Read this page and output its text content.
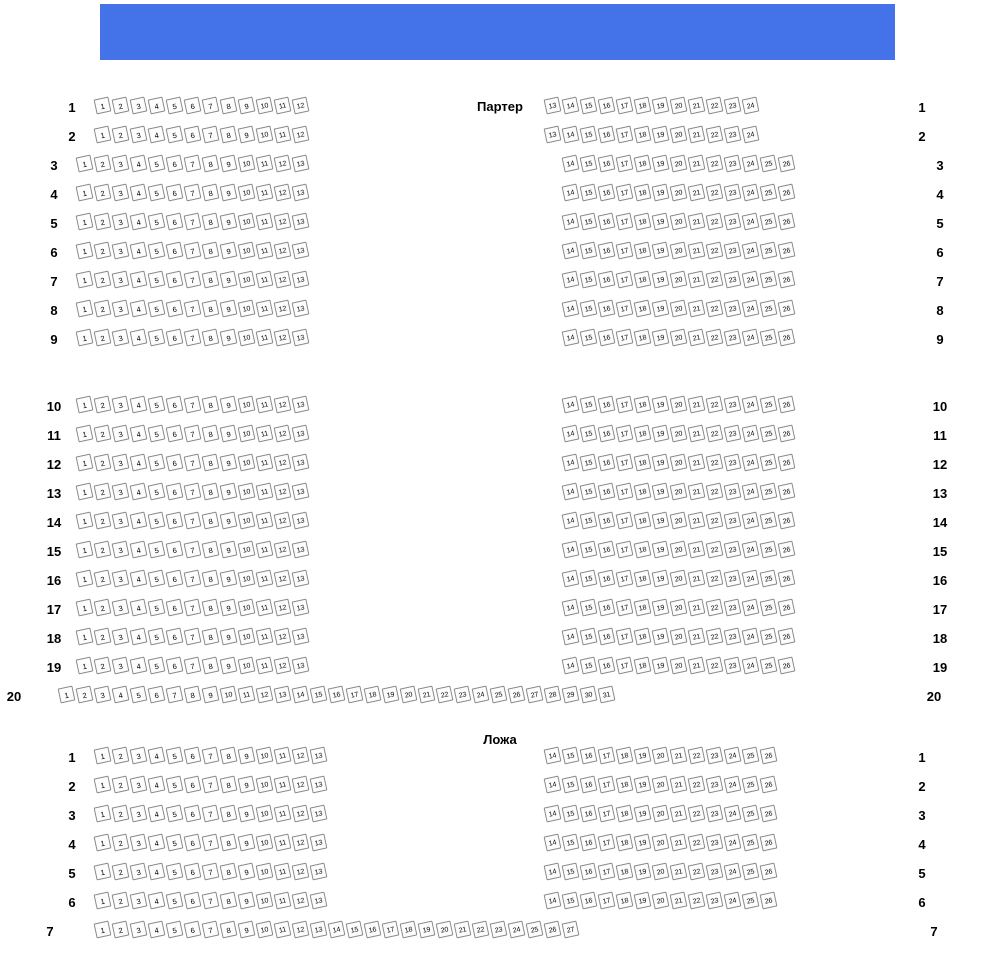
Партер
Ложа
1	1 2 3 4 5 6 7 8 9 10 11 12	13 14 15 16 17 18 19 20 21 22 23 24	1
2	1 2 3 4 5 6 7 8 9 10 11 12	13 14 15 16 17 18 19 20 21 22 23 24	2
3	1 2 3 4 5 6 7 8 9 10 11 12 13	14 15 16 17 18 19 20 21 22 23 24 25 26	3
4	1 2 3 4 5 6 7 8 9 10 11 12 13	14 15 16 17 18 19 20 21 22 23 24 25 26	4
5	1 2 3 4 5 6 7 8 9 10 11 12 13	14 15 16 17 18 19 20 21 22 23 24 25 26	5
6	1 2 3 4 5 6 7 8 9 10 11 12 13	14 15 16 17 18 19 20 21 22 23 24 25 26	6
7	1 2 3 4 5 6 7 8 9 10 11 12 13	14 15 16 17 18 19 20 21 22 23 24 25 26	7
8	1 2 3 4 5 6 7 8 9 10 11 12 13	14 15 16 17 18 19 20 21 22 23 24 25 26	8
9	1 2 3 4 5 6 7 8 9 10 11 12 13	14 15 16 17 18 19 20 21 22 23 24 25 26	9
10	1 2 3 4 5 6 7 8 9 10 11 12 13	14 15 16 17 18 19 20 21 22 23 24 25 26	10
11	1 2 3 4 5 6 7 8 9 10 11 12 13	14 15 16 17 18 19 20 21 22 23 24 25 26	11
12	1 2 3 4 5 6 7 8 9 10 11 12 13	14 15 16 17 18 19 20 21 22 23 24 25 26	12
13	1 2 3 4 5 6 7 8 9 10 11 12 13	14 15 16 17 18 19 20 21 22 23 24 25 26	13
14	1 2 3 4 5 6 7 8 9 10 11 12 13	14 15 16 17 18 19 20 21 22 23 24 25 26	14
15	1 2 3 4 5 6 7 8 9 10 11 12 13	14 15 16 17 18 19 20 21 22 23 24 25 26	15
16	1 2 3 4 5 6 7 8 9 10 11 12 13	14 15 16 17 18 19 20 21 22 23 24 25 26	16
17	1 2 3 4 5 6 7 8 9 10 11 12 13	14 15 16 17 18 19 20 21 22 23 24 25 26	17
18	1 2 3 4 5 6 7 8 9 10 11 12 13	14 15 16 17 18 19 20 21 22 23 24 25 26	18
19	1 2 3 4 5 6 7 8 9 10 11 12 13	14 15 16 17 18 19 20 21 22 23 24 25 26	19
20	1 2 3 4 5 6 7 8 9 10 11 12 13 14 15 16 17 18 19 20 21 22 23 24 25 26 27 28 29 30 31	20
1	1 2 3 4 5 6 7 8 9 10 11 12 13	14 15 16 17 18 19 20 21 22 23 24 25 26	1
2	1 2 3 4 5 6 7 8 9 10 11 12 13	14 15 16 17 18 19 20 21 22 23 24 25 26	2
3	1 2 3 4 5 6 7 8 9 10 11 12 13	14 15 16 17 18 19 20 21 22 23 24 25 26	3
4	1 2 3 4 5 6 7 8 9 10 11 12 13	14 15 16 17 18 19 20 21 22 23 24 25 26	4
5	1 2 3 4 5 6 7 8 9 10 11 12 13	14 15 16 17 18 19 20 21 22 23 24 25 26	5
6	1 2 3 4 5 6 7 8 9 10 11 12 13	14 15 16 17 18 19 20 21 22 23 24 25 26	6
7	1 2 3 4 5 6 7 8 9 10 11 12 13 14 15 16 17 18 19 20 21 22 23 24 25 26 27	7
